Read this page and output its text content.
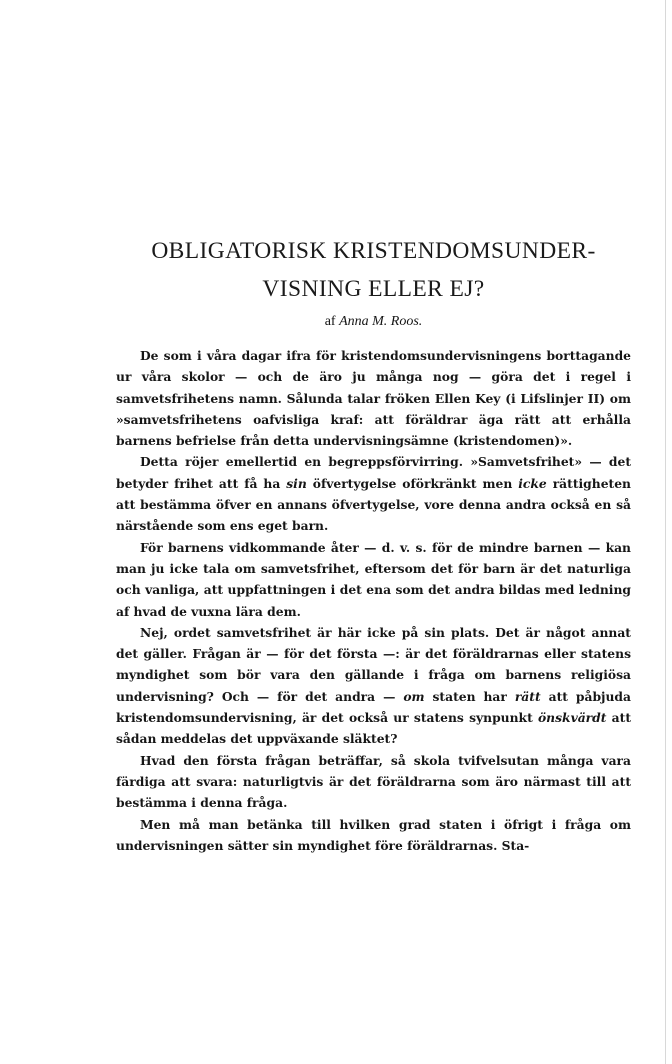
OBLIGATORISK KRISTENDOMSUNDER-
VISNING ELLER EJ?
af Anna M. Roos.

De som i våra dagar ifra för kristendomsundervisningens borttagande ur våra skolor — och de äro ju många nog — göra det i regel i samvetsfrihetens namn. Sålunda talar fröken Ellen Key (i Lifslinjer II) om »samvetsfrihetens oafvisliga kraf: att föräldrar äga rätt att erhålla barnens befrielse från detta undervisningsämne (kristendomen)».

Detta röjer emellertid en begreppsförvirring. »Samvetsfrihet» — det betyder frihet att få ha sin öfvertygelse oförkränkt men icke rättigheten att bestämma öfver en annans öfvertygelse, vore denna andra också en så närstående som ens eget barn.

För barnens vidkommande åter — d. v. s. för de mindre barnen — kan man ju icke tala om samvetsfrihet, eftersom det för barn är det naturliga och vanliga, att uppfattningen i det ena som det andra bildas med ledning af hvad de vuxna lära dem.

Nej, ordet samvetsfrihet är här icke på sin plats. Det är något annat det gäller. Frågan är — för det första —: är det föräldrarnas eller statens myndighet som bör vara den gällande i fråga om barnens religiösa undervisning? Och — för det andra — om staten har rätt att påbjuda kristendomsundervisning, är det också ur statens synpunkt önskvärdt att sådan meddelas det uppväxande släktet?

Hvad den första frågan beträffar, så skola tvifvelsutan många vara färdiga att svara: naturligtvis är det föräldrarna som äro närmast till att bestämma i denna fråga.

Men må man betänka till hvilken grad staten i öfrigt i fråga om undervisningen sätter sin myndighet före föräldrarnas. Sta-
